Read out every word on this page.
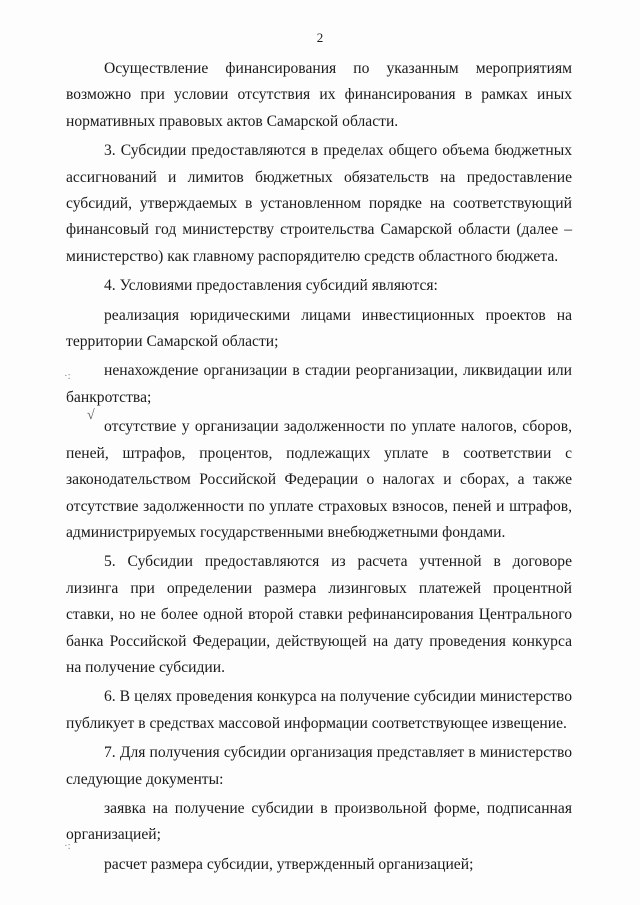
2

Осуществление финансирования по указанным мероприятиям возможно при условии отсутствия их финансирования в рамках иных нормативных правовых актов Самарской области.

3. Субсидии предоставляются в пределах общего объема бюджетных ассигнований и лимитов бюджетных обязательств на предоставление субсидий, утверждаемых в установленном порядке на соответствующий финансовый год министерству строительства Самарской области (далее – министерство) как главному распорядителю средств областного бюджета.

4. Условиями предоставления субсидий являются:

реализация юридическими лицами инвестиционных проектов на территории Самарской области;

ненахождение организации в стадии реорганизации, ликвидации или банкротства;

отсутствие у организации задолженности по уплате налогов, сборов, пеней, штрафов, процентов, подлежащих уплате в соответствии с законодательством Российской Федерации о налогах и сборах, а также отсутствие задолженности по уплате страховых взносов, пеней и штрафов, администрируемых государственными внебюджетными фондами.

5. Субсидии предоставляются из расчета учтенной в договоре лизинга при определении размера лизинговых платежей процентной ставки, но не более одной второй ставки рефинансирования Центрального банка Российской Федерации, действующей на дату проведения конкурса на получение субсидии.

6. В целях проведения конкурса на получение субсидии министерство публикует в средствах массовой информации соответствующее извещение.

7. Для получения субсидии организация представляет в министерство следующие документы:

заявка на получение субсидии в произвольной форме, подписанная организацией;

расчет размера субсидии, утвержденный организацией;

·:
√
·:
